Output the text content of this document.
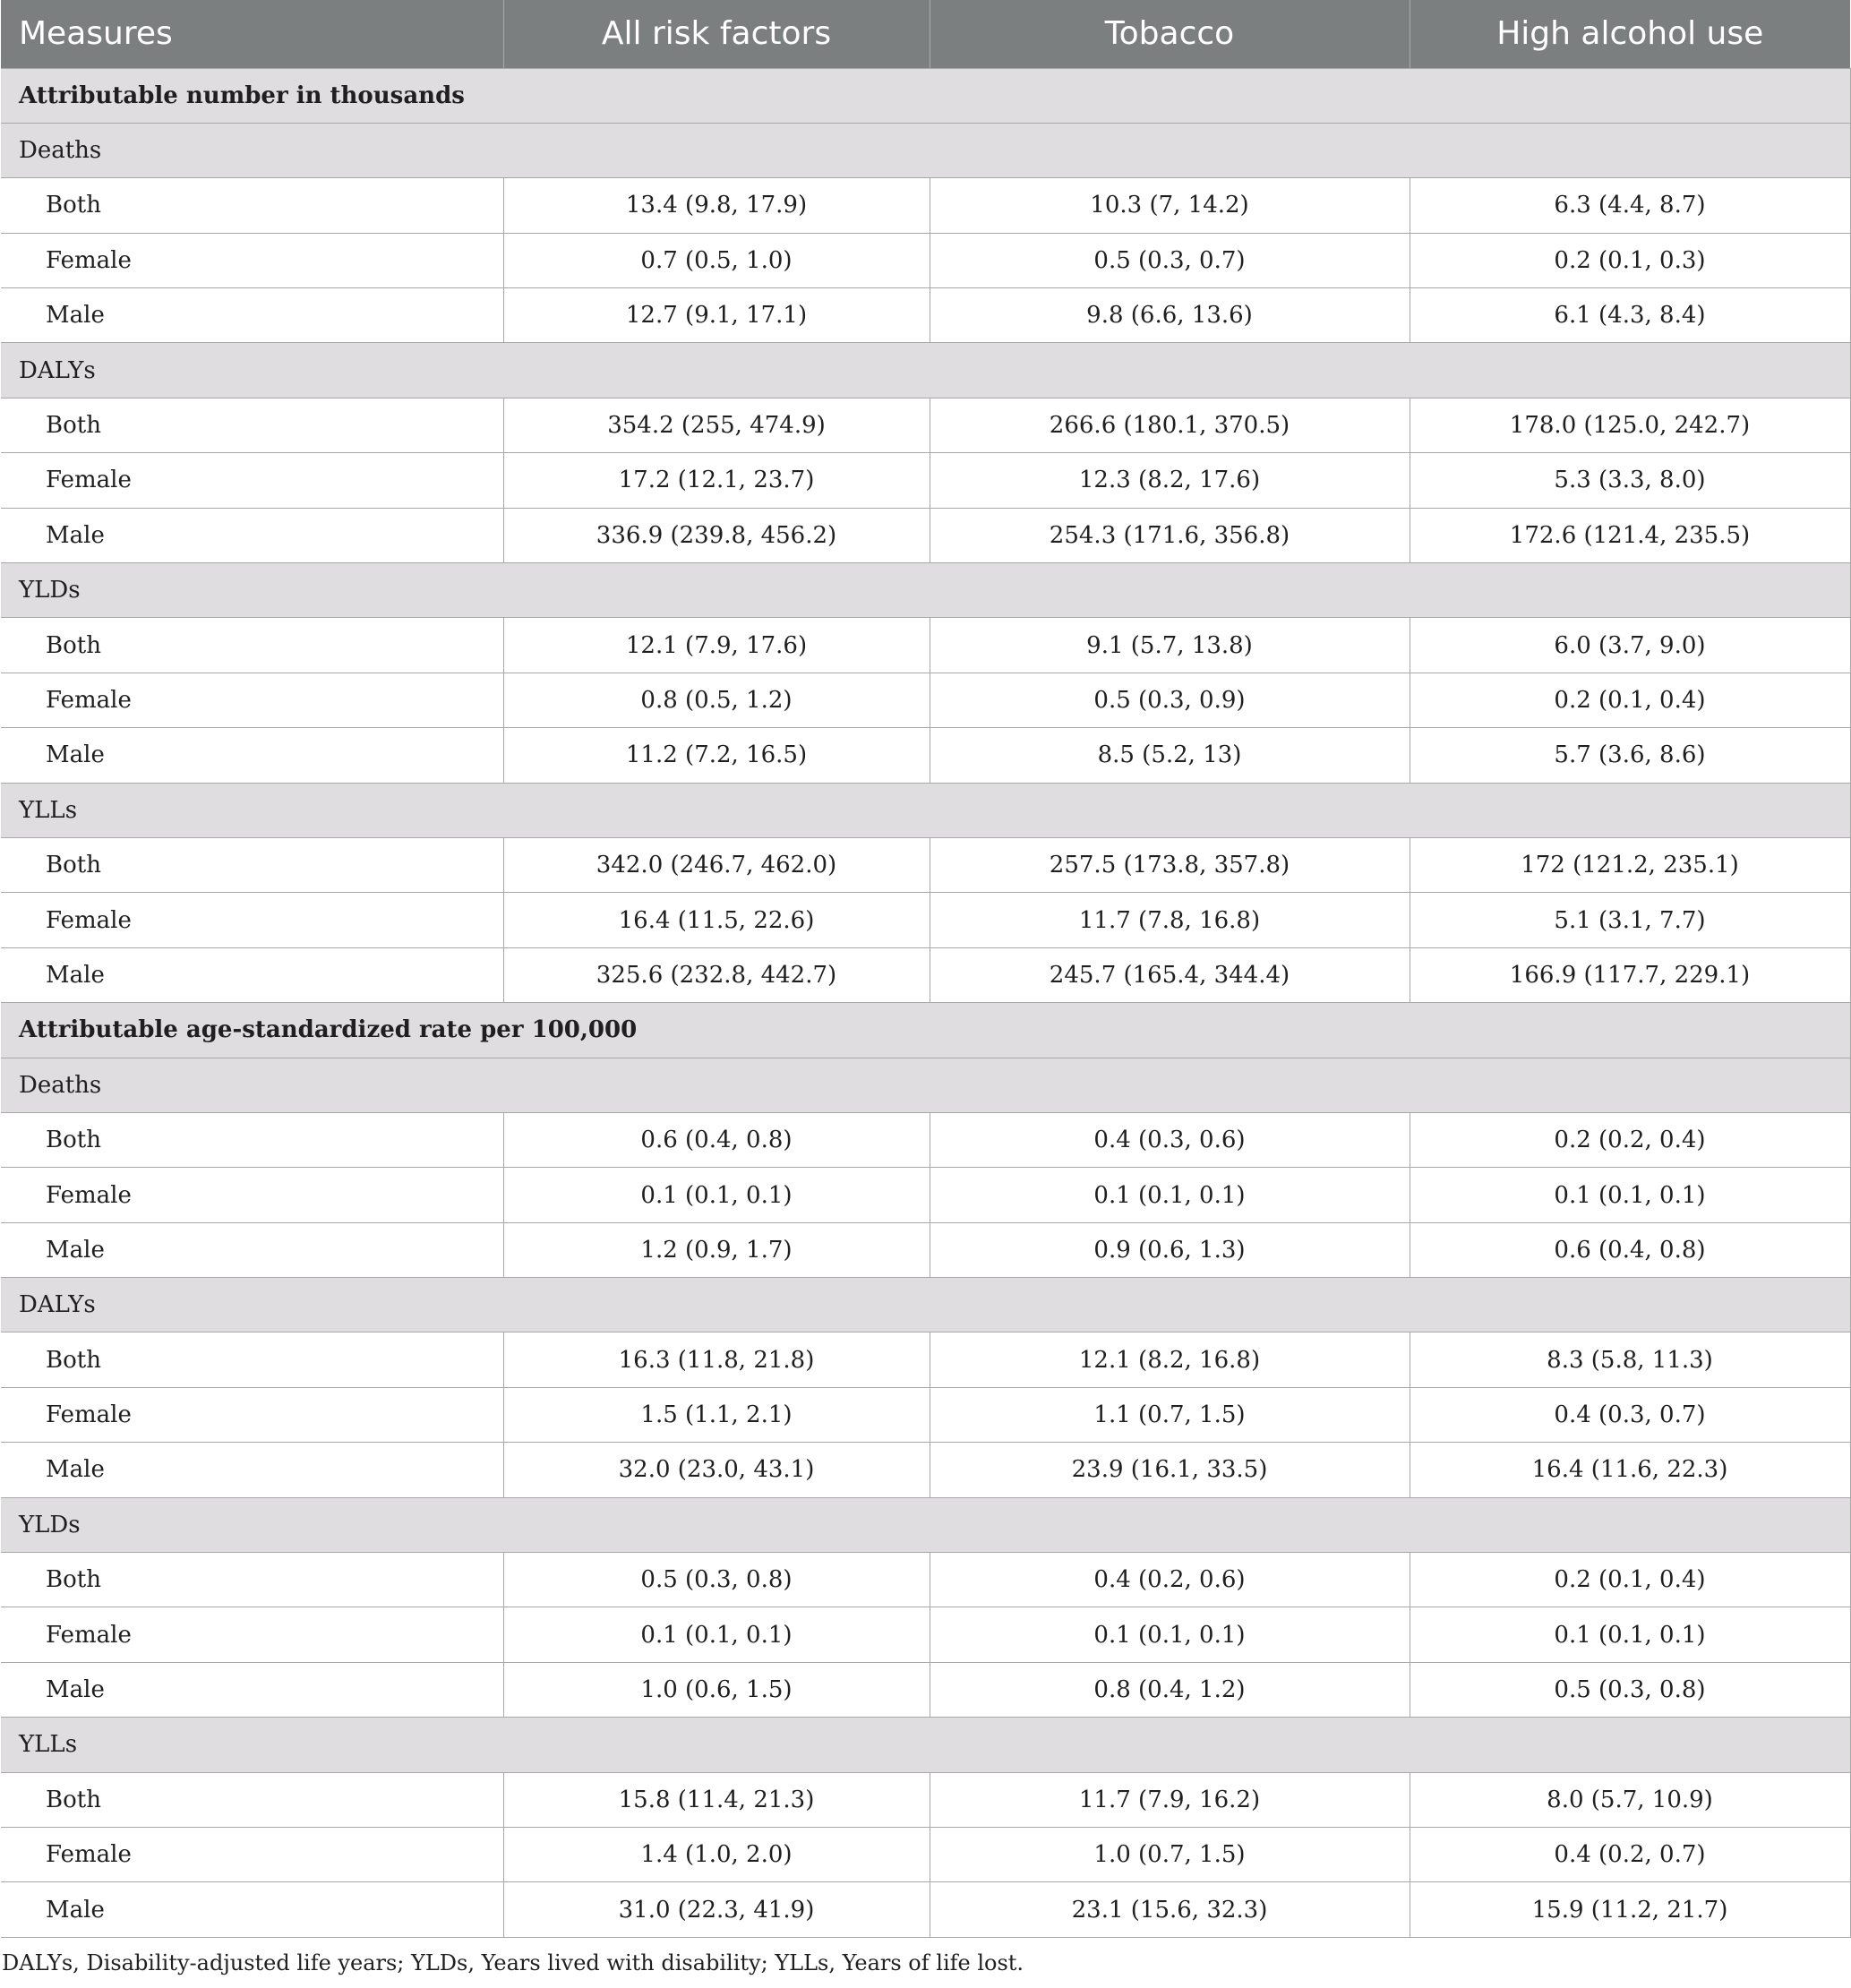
Measures	All risk factors	Tobacco	High alcohol use
Attributable number in thousands			
Deaths			
Both	13.4 (9.8, 17.9)	10.3 (7, 14.2)	6.3 (4.4, 8.7)
Female	0.7 (0.5, 1.0)	0.5 (0.3, 0.7)	0.2 (0.1, 0.3)
Male	12.7 (9.1, 17.1)	9.8 (6.6, 13.6)	6.1 (4.3, 8.4)
DALYs			
Both	354.2 (255, 474.9)	266.6 (180.1, 370.5)	178.0 (125.0, 242.7)
Female	17.2 (12.1, 23.7)	12.3 (8.2, 17.6)	5.3 (3.3, 8.0)
Male	336.9 (239.8, 456.2)	254.3 (171.6, 356.8)	172.6 (121.4, 235.5)
YLDs			
Both	12.1 (7.9, 17.6)	9.1 (5.7, 13.8)	6.0 (3.7, 9.0)
Female	0.8 (0.5, 1.2)	0.5 (0.3, 0.9)	0.2 (0.1, 0.4)
Male	11.2 (7.2, 16.5)	8.5 (5.2, 13)	5.7 (3.6, 8.6)
YLLs			
Both	342.0 (246.7, 462.0)	257.5 (173.8, 357.8)	172 (121.2, 235.1)
Female	16.4 (11.5, 22.6)	11.7 (7.8, 16.8)	5.1 (3.1, 7.7)
Male	325.6 (232.8, 442.7)	245.7 (165.4, 344.4)	166.9 (117.7, 229.1)
Attributable age-standardized rate per 100,000			
Deaths			
Both	0.6 (0.4, 0.8)	0.4 (0.3, 0.6)	0.2 (0.2, 0.4)
Female	0.1 (0.1, 0.1)	0.1 (0.1, 0.1)	0.1 (0.1, 0.1)
Male	1.2 (0.9, 1.7)	0.9 (0.6, 1.3)	0.6 (0.4, 0.8)
DALYs			
Both	16.3 (11.8, 21.8)	12.1 (8.2, 16.8)	8.3 (5.8, 11.3)
Female	1.5 (1.1, 2.1)	1.1 (0.7, 1.5)	0.4 (0.3, 0.7)
Male	32.0 (23.0, 43.1)	23.9 (16.1, 33.5)	16.4 (11.6, 22.3)
YLDs			
Both	0.5 (0.3, 0.8)	0.4 (0.2, 0.6)	0.2 (0.1, 0.4)
Female	0.1 (0.1, 0.1)	0.1 (0.1, 0.1)	0.1 (0.1, 0.1)
Male	1.0 (0.6, 1.5)	0.8 (0.4, 1.2)	0.5 (0.3, 0.8)
YLLs			
Both	15.8 (11.4, 21.3)	11.7 (7.9, 16.2)	8.0 (5.7, 10.9)
Female	1.4 (1.0, 2.0)	1.0 (0.7, 1.5)	0.4 (0.2, 0.7)
Male	31.0 (22.3, 41.9)	23.1 (15.6, 32.3)	15.9 (11.2, 21.7)
DALYs, Disability-adjusted life years; YLDs, Years lived with disability; YLLs, Years of life lost.
